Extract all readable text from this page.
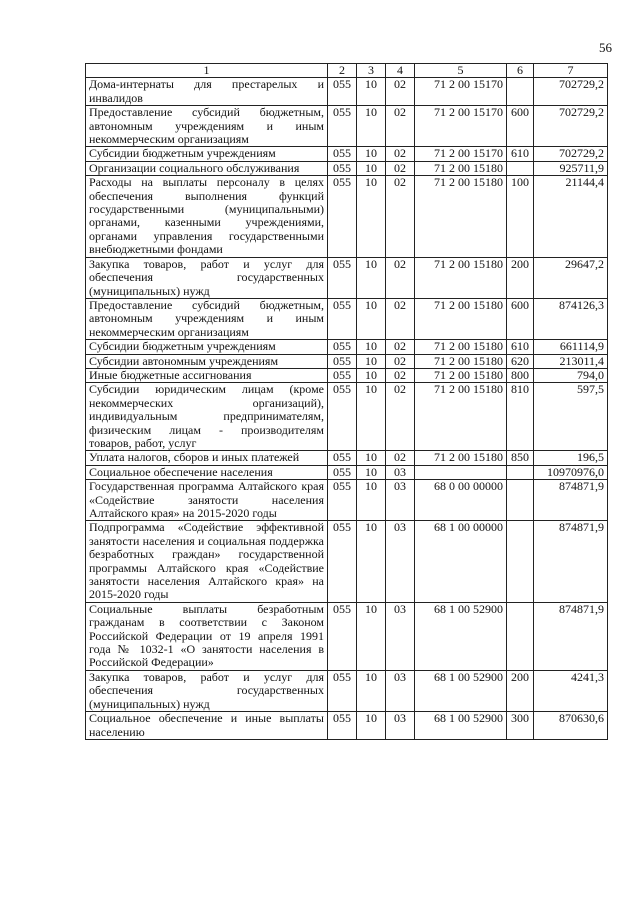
56
1	2	3	4	5	6	7
Дома-интернаты для престарелых и инвалидов	055	10	02	71 2 00 15170		702729,2
Предоставление субсидий бюджетным, автономным учреждениям и иным некоммерческим организациям	055	10	02	71 2 00 15170	600	702729,2
Субсидии бюджетным учреждениям	055	10	02	71 2 00 15170	610	702729,2
Организации социального обслуживания	055	10	02	71 2 00 15180		925711,9
Расходы на выплаты персоналу в целях обеспечения выполнения функций государственными (муниципальными) органами, казенными учреждениями, органами управления государственными внебюджетными фондами	055	10	02	71 2 00 15180	100	21144,4
Закупка товаров, работ и услуг для обеспечения государственных (муниципальных) нужд	055	10	02	71 2 00 15180	200	29647,2
Предоставление субсидий бюджетным, автономным учреждениям и иным некоммерческим организациям	055	10	02	71 2 00 15180	600	874126,3
Субсидии бюджетным учреждениям	055	10	02	71 2 00 15180	610	661114,9
Субсидии автономным учреждениям	055	10	02	71 2 00 15180	620	213011,4
Иные бюджетные ассигнования	055	10	02	71 2 00 15180	800	794,0
Субсидии юридическим лицам (кроме некоммерческих организаций), индивидуальным предпринимателям, физическим лицам - производителям товаров, работ, услуг	055	10	02	71 2 00 15180	810	597,5
Уплата налогов, сборов и иных платежей	055	10	02	71 2 00 15180	850	196,5
Социальное обеспечение населения	055	10	03			10970976,0
Государственная программа Алтайского края «Содействие занятости населения Алтайского края» на 2015-2020 годы	055	10	03	68 0 00 00000		874871,9
Подпрограмма «Содействие эффективной занятости населения и социальная поддержка безработных граждан» государственной программы Алтайского края «Содействие занятости населения Алтайского края» на 2015-2020 годы	055	10	03	68 1 00 00000		874871,9
Социальные выплаты безработным гражданам в соответствии с Законом Российской Федерации от 19 апреля 1991 года № 1032-1 «О занятости населения в Российской Федерации»	055	10	03	68 1 00 52900		874871,9
Закупка товаров, работ и услуг для обеспечения государственных (муниципальных) нужд	055	10	03	68 1 00 52900	200	4241,3
Социальное обеспечение и иные выплаты населению	055	10	03	68 1 00 52900	300	870630,6
